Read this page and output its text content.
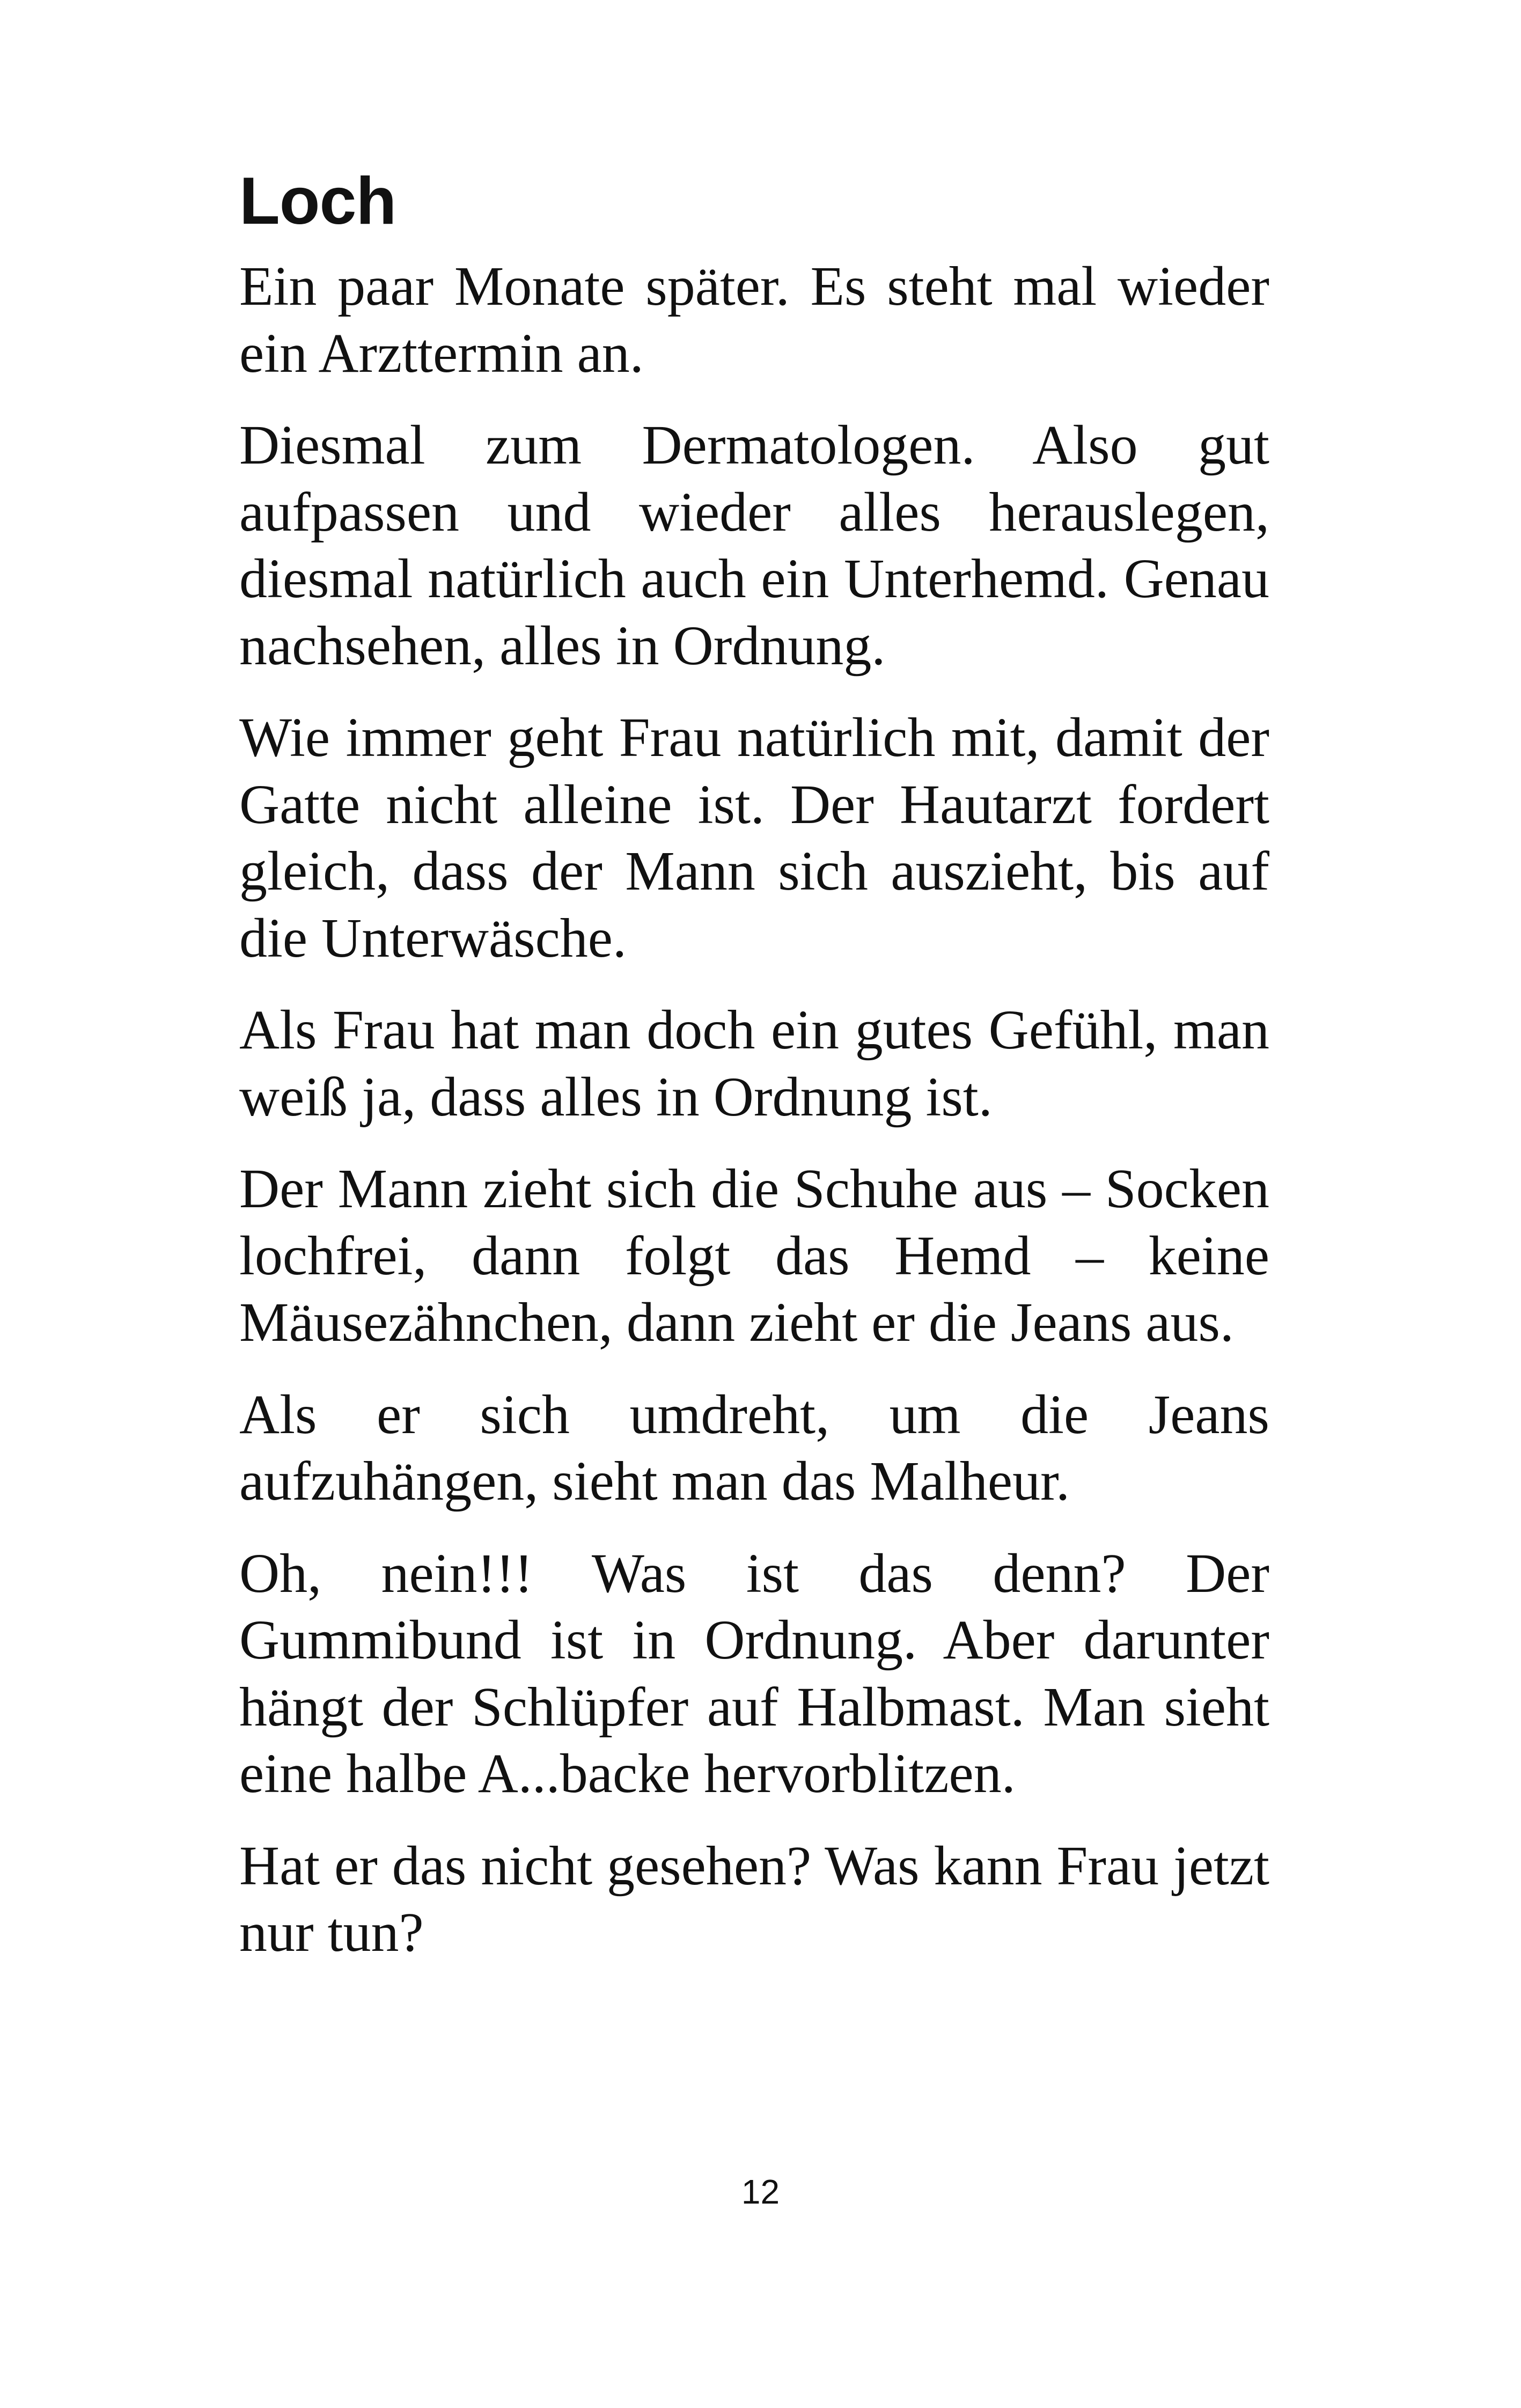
Loch

Ein paar Monate später. Es steht mal wieder ein Arzttermin an.

Diesmal zum Dermatologen. Also gut aufpassen und wieder alles herauslegen, diesmal natürlich auch ein Unterhemd. Genau nachsehen, alles in Ordnung.

Wie immer geht Frau natürlich mit, damit der Gatte nicht alleine ist. Der Hautarzt fordert gleich, dass der Mann sich auszieht, bis auf die Unterwäsche.

Als Frau hat man doch ein gutes Gefühl, man weiß ja, dass alles in Ordnung ist.

Der Mann zieht sich die Schuhe aus – Socken lochfrei, dann folgt das Hemd – keine Mäusezähnchen, dann zieht er die Jeans aus.

Als er sich umdreht, um die Jeans aufzuhängen, sieht man das Malheur.

Oh, nein!!! Was ist das denn? Der Gummibund ist in Ordnung. Aber darunter hängt der Schlüpfer auf Halbmast. Man sieht eine halbe A...backe hervorblitzen.

Hat er das nicht gesehen? Was kann Frau jetzt nur tun?

12
